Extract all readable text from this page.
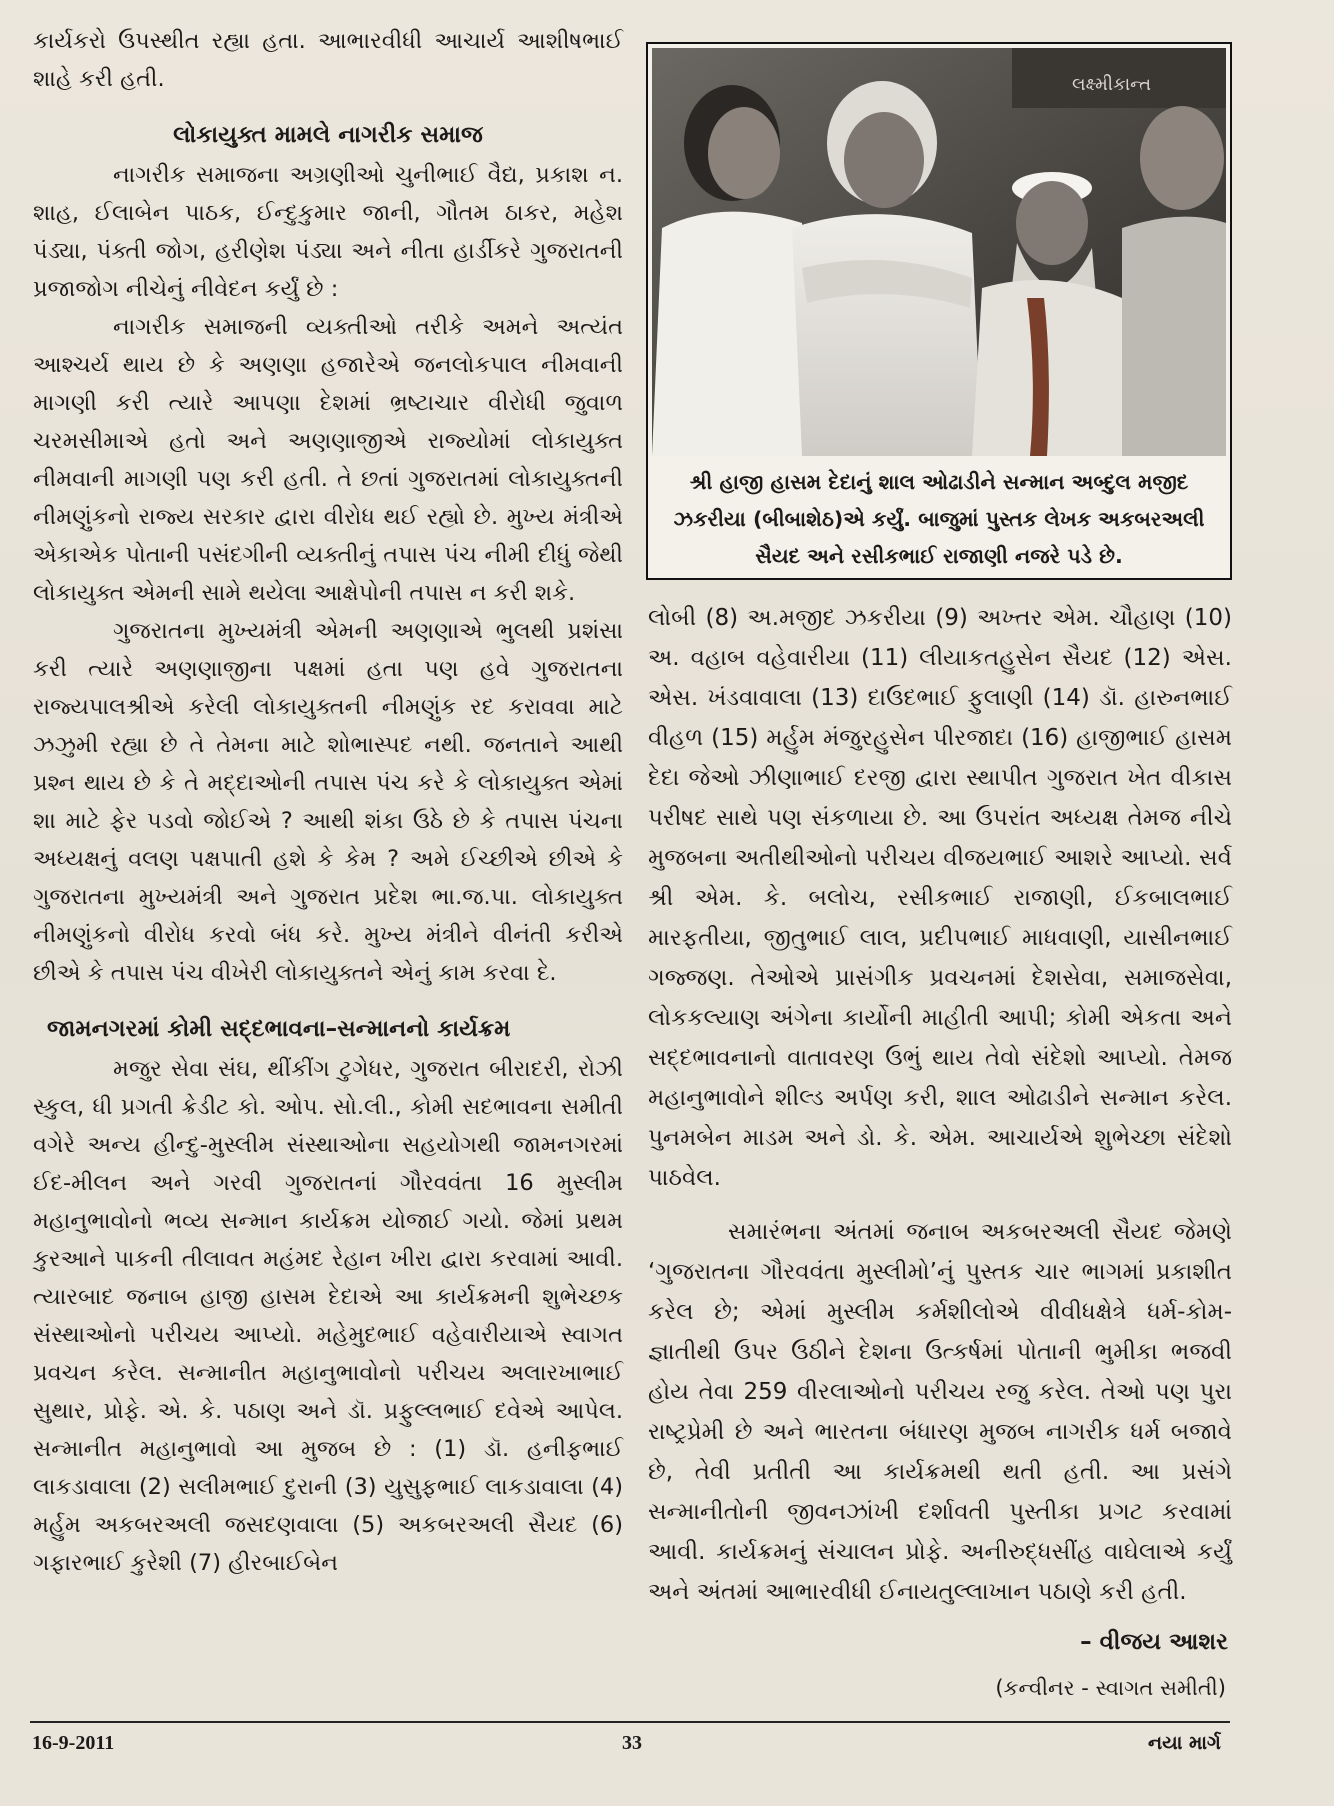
કાર્યકરો ઉપસ્થીત રહ્યા હતા. આભારવીધી આચાર્ય આશીષભાઈ શાહે કરી હતી.

લોકાયુક્ત મામલે નાગરીક સમાજ

નાગરીક સમાજના અગ્રણીઓ ચુનીભાઈ વૈદ્ય, પ્રકાશ ન. શાહ, ઈલાબેન પાઠક, ઈન્દુકુમાર જાની, ગૌતમ ઠાકર, મહેશ પંડ્યા, પંક્તી જોગ, હરીણેશ પંડ્યા અને નીતા હાર્ડીકરે ગુજરાતની પ્રજાજોગ નીચેનું નીવેદન કર્યું છે :

નાગરીક સમાજની વ્યક્તીઓ તરીકે અમને અત્યંત આશ્ચર્ય થાય છે કે અણણા હજારેએ જનલોકપાલ નીમવાની માગણી કરી ત્યારે આપણા દેશમાં ભ્રષ્ટાચાર વીરોધી જુવાળ ચરમસીમાએ હતો અને અણણાજીએ રાજ્યોમાં લોકાયુક્ત નીમવાની માગણી પણ કરી હતી. તે છતાં ગુજરાતમાં લોકાયુક્તની નીમણુંકનો રાજ્ય સરકાર દ્વારા વીરોધ થઈ રહ્યો છે. મુખ્ય મંત્રીએ એકાએક પોતાની પસંદગીની વ્યક્તીનું તપાસ પંચ નીમી દીધું જેથી લોકાયુક્ત એમની સામે થયેલા આક્ષેપોની તપાસ ન કરી શકે.

ગુજરાતના મુખ્યમંત્રી એમની અણણાએ ભુલથી પ્રશંસા કરી ત્યારે અણણાજીના પક્ષમાં હતા પણ હવે ગુજરાતના રાજ્યપાલશ્રીએ કરેલી લોકાયુક્તની નીમણુંક રદ કરાવવા માટે ઝઝુમી રહ્યા છે તે તેમના માટે શોભાસ્પદ નથી. જનતાને આથી પ્રશ્ન થાય છે કે તે મદ્દાઓની તપાસ પંચ કરે કે લોકાયુક્ત એમાં શા માટે ફેર પડવો જોઈએ ? આથી શંકા ઉઠે છે કે તપાસ પંચના અધ્યક્ષનું વલણ પક્ષપાતી હશે કે કેમ ? અમે ઈચ્છીએ છીએ કે ગુજરાતના મુખ્યમંત્રી અને ગુજરાત પ્રદેશ ભા.જ.પા. લોકાયુક્ત નીમણુંકનો વીરોધ કરવો બંધ કરે. મુખ્ય મંત્રીને વીનંતી કરીએ છીએ કે તપાસ પંચ વીખેરી લોકાયુક્તને એનું કામ કરવા દે.

જામનગરમાં કોમી સદ્દભાવના–સન્માનનો કાર્યક્રમ

મજુર સેવા સંઘ, થીંકીંગ ટુગેધર, ગુજરાત બીરાદરી, રોઝી સ્કુલ, ધી પ્રગતી ક્રેડીટ કો. ઓપ. સો.લી., કોમી સદભાવના સમીતી વગેરે અન્ય હીન્દુ-મુસ્લીમ સંસ્થાઓના સહયોગથી જામનગરમાં ઈદ-મીલન અને ગરવી ગુજરાતનાં ગૌરવવંતા 16 મુસ્લીમ મહાનુભાવોનો ભવ્ય સન્માન કાર્યક્રમ યોજાઈ ગયો. જેમાં પ્રથમ કુરઆને પાકની તીલાવત મહંમદ રેહાન ખીરા દ્વારા કરવામાં આવી. ત્યારબાદ જનાબ હાજી હાસમ દેદાએ આ કાર્યક્રમની શુભેચ્છક સંસ્થાઓનો પરીચય આપ્યો. મહેમુદભાઈ વહેવારીયાએ સ્વાગત પ્રવચન કરેલ. સન્માનીત મહાનુભાવોનો પરીચય અલારખાભાઈ સુથાર, પ્રોફે. એ. કે. પઠાણ અને ડૉ. પ્રફુલ્લભાઈ દવેએ આપેલ. સન્માનીત મહાનુભાવો આ મુજબ છે : (1) ડૉ. હનીફભાઈ લાકડાવાલા (2) સલીમભાઈ દુરાની (3) યુસુફભાઈ લાકડાવાલા (4) મર્હુમ અકબરઅલી જસદણવાલા (5) અકબરઅલી સૈયદ (6) ગફારભાઈ કુરેશી (7) હીરબાઈબેન

લક્ષ્મીકાન્ત
શ્રી હાજી હાસમ દેદાનું શાલ ઓઢાડીને સન્માન અબ્દુલ મજીદ ઝકરીયા (બીબાશેઠ)એ કર્યું. બાજુમાં પુસ્તક લેખક અકબરઅલી સૈયદ અને રસીકભાઈ રાજાણી નજરે પડે છે.

લોબી (8) અ.મજીદ ઝકરીયા (9) અખ્તર એમ. ચૌહાણ (10) અ. વહાબ વહેવારીયા (11) લીયાકતહુસેન સૈયદ (12) એસ. એસ. ખંડવાવાલા (13) દાઉદભાઈ ફુલાણી (14) ડૉ. હારુનભાઈ વીહળ (15) મર્હુમ મંજુરહુસેન પીરજાદા (16) હાજીભાઈ હાસમ દેદા જેઓ ઝીણાભાઈ દરજી દ્વારા સ્થાપીત ગુજરાત ખેત વીકાસ પરીષદ સાથે પણ સંકળાયા છે. આ ઉપરાંત અધ્યક્ષ તેમજ નીચે મુજબના અતીથીઓનો પરીચય વીજયભાઈ આશરે આપ્યો. સર્વ શ્રી એમ. કે. બલોચ, રસીકભાઈ રાજાણી, ઈકબાલભાઈ મારફતીયા, જીતુભાઈ લાલ, પ્રદીપભાઈ માધવાણી, યાસીનભાઈ ગજ્જણ. તેઓએ પ્રાસંગીક પ્રવચનમાં દેશસેવા, સમાજસેવા, લોકકલ્યાણ અંગેના કાર્યોની માહીતી આપી; કોમી એકતા અને સદ્દભાવનાનો વાતાવરણ ઉભું થાય તેવો સંદેશો આપ્યો. તેમજ મહાનુભાવોને શીલ્ડ અર્પણ કરી, શાલ ઓઢાડીને સન્માન કરેલ. પુનમબેન માડમ અને ડો. કે. એમ. આચાર્યએ શુભેચ્છા સંદેશો પાઠવેલ.

સમારંભના અંતમાં જનાબ અકબરઅલી સૈયદ જેમણે ‘ગુજરાતના ગૌરવવંતા મુસ્લીમો’નું પુસ્તક ચાર ભાગમાં પ્રકાશીત કરેલ છે; એમાં મુસ્લીમ કર્મશીલોએ વીવીધક્ષેત્રે ધર્મ-કોમ- જ્ઞાતીથી ઉપર ઉઠીને દેશના ઉત્કર્ષમાં પોતાની ભુમીકા ભજવી હોય તેવા 259 વીરલાઓનો પરીચય રજુ કરેલ. તેઓ પણ પુરા રાષ્ટ્રપ્રેમી છે અને ભારતના બંધારણ મુજબ નાગરીક ધર્મ બજાવે છે, તેવી પ્રતીતી આ કાર્યક્રમથી થતી હતી. આ પ્રસંગે સન્માનીતોની જીવનઝાંખી દર્શાવતી પુસ્તીકા પ્રગટ કરવામાં આવી. કાર્યક્રમનું સંચાલન પ્રોફે. અનીરુદ્ધસીંહ વાઘેલાએ કર્યું અને અંતમાં આભારવીધી ઈનાયતુલ્લાખાન પઠાણે કરી હતી.

– વીજય આશર
(કન્વીનર - સ્વાગત સમીતી)
16-9-2011	33	નયા માર્ગ
